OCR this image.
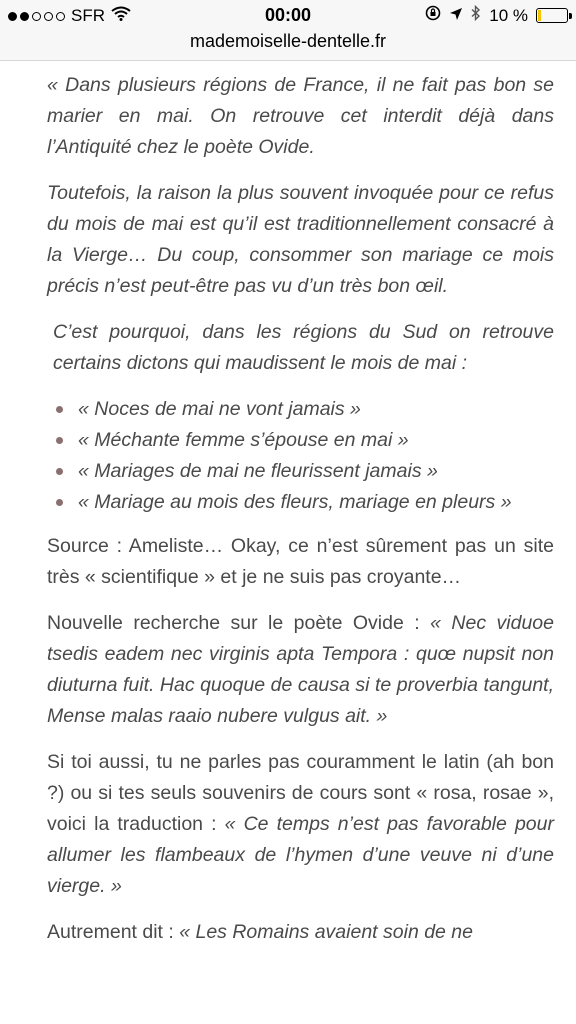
SFR	00:00	10 %
mademoiselle-dentelle.fr

« Dans plusieurs régions de France, il ne fait pas bon se marier en mai. On retrouve cet interdit déjà dans l’Antiquité chez le poète Ovide.

Toutefois, la raison la plus souvent invoquée pour ce refus du mois de mai est qu’il est traditionnellement consacré à la Vierge… Du coup, consommer son mariage ce mois précis n’est peut-être pas vu d’un très bon œil.

C’est pourquoi, dans les régions du Sud on retrouve certains dictons qui maudissent le mois de mai :

« Noces de mai ne vont jamais »
« Méchante femme s’épouse en mai »
« Mariages de mai ne fleurissent jamais »
« Mariage au mois des fleurs, mariage en pleurs »

Source : Ameliste… Okay, ce n’est sûrement pas un site très « scientifique » et je ne suis pas croyante…

Nouvelle recherche sur le poète Ovide : « Nec viduoe tsedis eadem nec virginis apta Tempora : quœ nupsit non diuturna fuit. Hac quoque de causa si te proverbia tangunt, Mense malas raaio nubere vulgus ait. »

Si toi aussi, tu ne parles pas couramment le latin (ah bon ?) ou si tes seuls souvenirs de cours sont « rosa, rosae », voici la traduction : « Ce temps n’est pas favorable pour allumer les flambeaux de l’hymen d’une veuve ni d’une vierge. »

Autrement dit : « Les Romains avaient soin de ne
